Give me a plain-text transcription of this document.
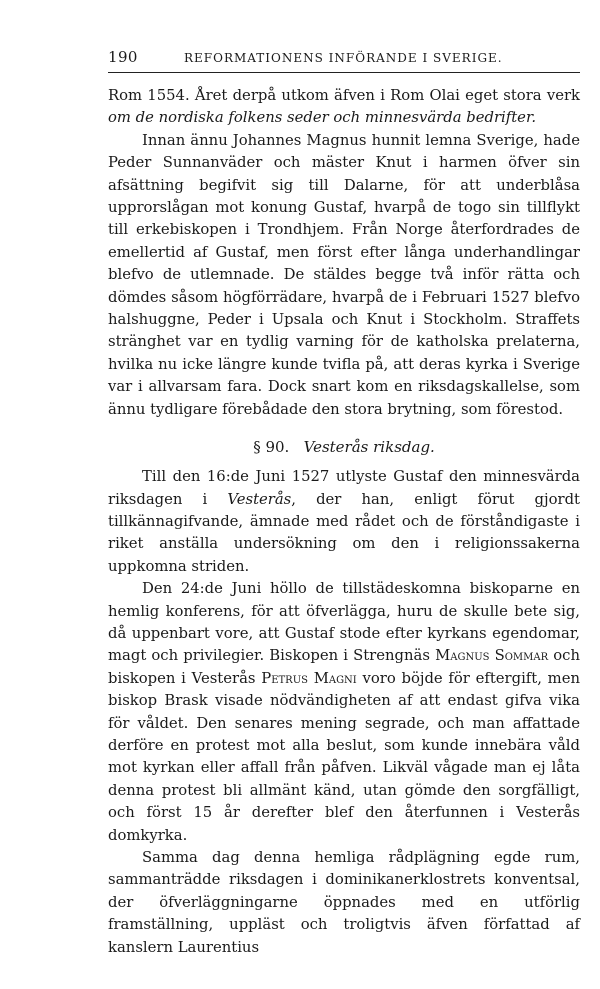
190	REFORMATIONENS INFÖRANDE I SVERIGE.

Rom 1554. Året derpå utkom äfven i Rom Olai eget stora verk om de nordiska folkens seder och minnesvärda bedrifter.

Innan ännu Johannes Magnus hunnit lemna Sverige, hade Peder Sunnanväder och mäster Knut i harmen öfver sin afsättning begifvit sig till Dalarne, för att underblåsa upprorslågan mot konung Gustaf, hvarpå de togo sin tillflykt till erkebiskopen i Trondhjem. Från Norge återfordrades de emellertid af Gustaf, men först efter långa underhandlingar blefvo de utlemnade. De stäldes begge två inför rätta och dömdes såsom högförrädare, hvarpå de i Februari 1527 blefvo halshuggne, Peder i Upsala och Knut i Stockholm. Straffets stränghet var en tydlig varning för de katholska prelaterna, hvilka nu icke längre kunde tvifla på, att deras kyrka i Sverige var i allvarsam fara. Dock snart kom en riksdagskallelse, som ännu tydligare förebådade den stora brytning, som förestod.

§ 90. Vesterås riksdag.

Till den 16:de Juni 1527 utlyste Gustaf den minnesvärda riksdagen i Vesterås, der han, enligt förut gjordt tillkännagifvande, ämnade med rådet och de förståndigaste i riket anställa undersökning om den i religionssakerna uppkomna striden.

Den 24:de Juni höllo de tillstädeskomna biskoparne en hemlig konferens, för att öfverlägga, huru de skulle bete sig, då uppenbart vore, att Gustaf stode efter kyrkans egendomar, magt och privilegier. Biskopen i Strengnäs Magnus Sommar och biskopen i Vesterås Petrus Magni voro böjde för eftergift, men biskop Brask visade nödvändigheten af att endast gifva vika för våldet. Den senares mening segrade, och man affattade derföre en protest mot alla beslut, som kunde innebära våld mot kyrkan eller affall från påfven. Likväl vågade man ej låta denna protest bli allmänt känd, utan gömde den sorgfälligt, och först 15 år derefter blef den återfunnen i Vesterås domkyrka.

Samma dag denna hemliga rådplägning egde rum, sammanträdde riksdagen i dominikanerklostrets konventsal, der öfverläggningarne öppnades med en utförlig framställning, uppläst och troligtvis äfven författad af kanslern Laurentius
